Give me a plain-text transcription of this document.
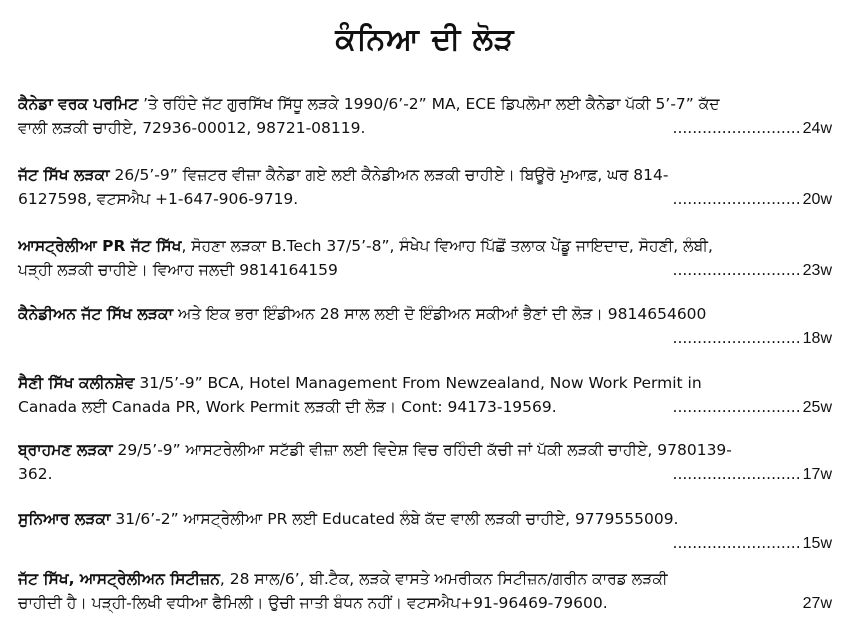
ਕੰਨਿਆ ਦੀ ਲੋੜ
ਕੈਨੇਡਾ ਵਰਕ ਪਰਮਿਟ ’ਤੇ ਰਹਿੰਦੇ ਜੱਟ ਗੁਰਸਿੱਖ ਸਿੱਧੂ ਲੜਕੇ 1990/6’-2” MA, ECE ਡਿਪਲੋਮਾ ਲਈ ਕੈਨੇਡਾ ਪੱਕੀ 5’-7” ਕੱਦ
ਵਾਲੀ ਲੜਕੀ ਚਾਹੀਏ, 72936-00012, 98721-08119.	.......................... 24w
ਜੱਟ ਸਿੱਖ ਲੜਕਾ 26/5’-9” ਵਿਜ਼ਟਰ ਵੀਜ਼ਾ ਕੈਨੇਡਾ ਗਏ ਲਈ ਕੈਨੇਡੀਅਨ ਲੜਕੀ ਚਾਹੀਏ। ਬਿਊਰੋ ਮੁਆਫ਼, ਘਰ 814-
6127598, ਵਟਸਐਪ +1-647-906-9719.	.......................... 20w
ਆਸਟ੍ਰੇਲੀਆ PR ਜੱਟ ਸਿੱਖ, ਸੋਹਣਾ ਲੜਕਾ B.Tech 37/5’-8”, ਸੰਖੇਪ ਵਿਆਹ ਪਿੱਛੋਂ ਤਲਾਕ ਪੇਂਡੂ ਜਾਇਦਾਦ, ਸੋਹਣੀ, ਲੰਬੀ,
ਪੜ੍ਹੀ ਲੜਕੀ ਚਾਹੀਏ। ਵਿਆਹ ਜਲਦੀ 9814164159	.......................... 23w
ਕੈਨੇਡੀਅਨ ਜੱਟ ਸਿੱਖ ਲੜਕਾ ਅਤੇ ਇਕ ਭਰਾ ਇੰਡੀਅਨ 28 ਸਾਲ ਲਈ ਦੋ ਇੰਡੀਅਨ ਸਕੀਆਂ ਭੈਣਾਂ ਦੀ ਲੋੜ। 9814654600
.......................... 18w
ਸੈਣੀ ਸਿੱਖ ਕਲੀਨਸ਼ੇਵ 31/5’-9” BCA, Hotel Management From Newzealand, Now Work Permit in
Canada ਲਈ Canada PR, Work Permit ਲੜਕੀ ਦੀ ਲੋੜ। Cont: 94173-19569.	.......................... 25w
ਬ੍ਰਾਹਮਣ ਲੜਕਾ 29/5’-9” ਆਸਟਰੇਲੀਆ ਸਟੱਡੀ ਵੀਜ਼ਾ ਲਈ ਵਿਦੇਸ਼ ਵਿਚ ਰਹਿੰਦੀ ਕੱਚੀ ਜਾਂ ਪੱਕੀ ਲੜਕੀ ਚਾਹੀਏ, 9780139-
362.	.......................... 17w
ਸੁਨਿਆਰ ਲੜਕਾ 31/6’-2” ਆਸਟ੍ਰੇਲੀਆ PR ਲਈ Educated ਲੰਬੇ ਕੱਦ ਵਾਲੀ ਲੜਕੀ ਚਾਹੀਏ, 9779555009.
.......................... 15w
ਜੱਟ ਸਿੱਖ, ਆਸਟ੍ਰੇਲੀਅਨ ਸਿਟੀਜ਼ਨ, 28 ਸਾਲ/6’, ਬੀ.ਟੈਕ, ਲੜਕੇ ਵਾਸਤੇ ਅਮਰੀਕਨ ਸਿਟੀਜ਼ਨ/ਗਰੀਨ ਕਾਰਡ ਲੜਕੀ
ਚਾਹੀਦੀ ਹੈ। ਪੜ੍ਹੀ-ਲਿਖੀ ਵਧੀਆ ਫੈਮਿਲੀ। ਉਚੀ ਜਾਤੀ ਬੰਧਨ ਨਹੀਂ। ਵਟਸਐਪ+91-96469-79600.	27w
